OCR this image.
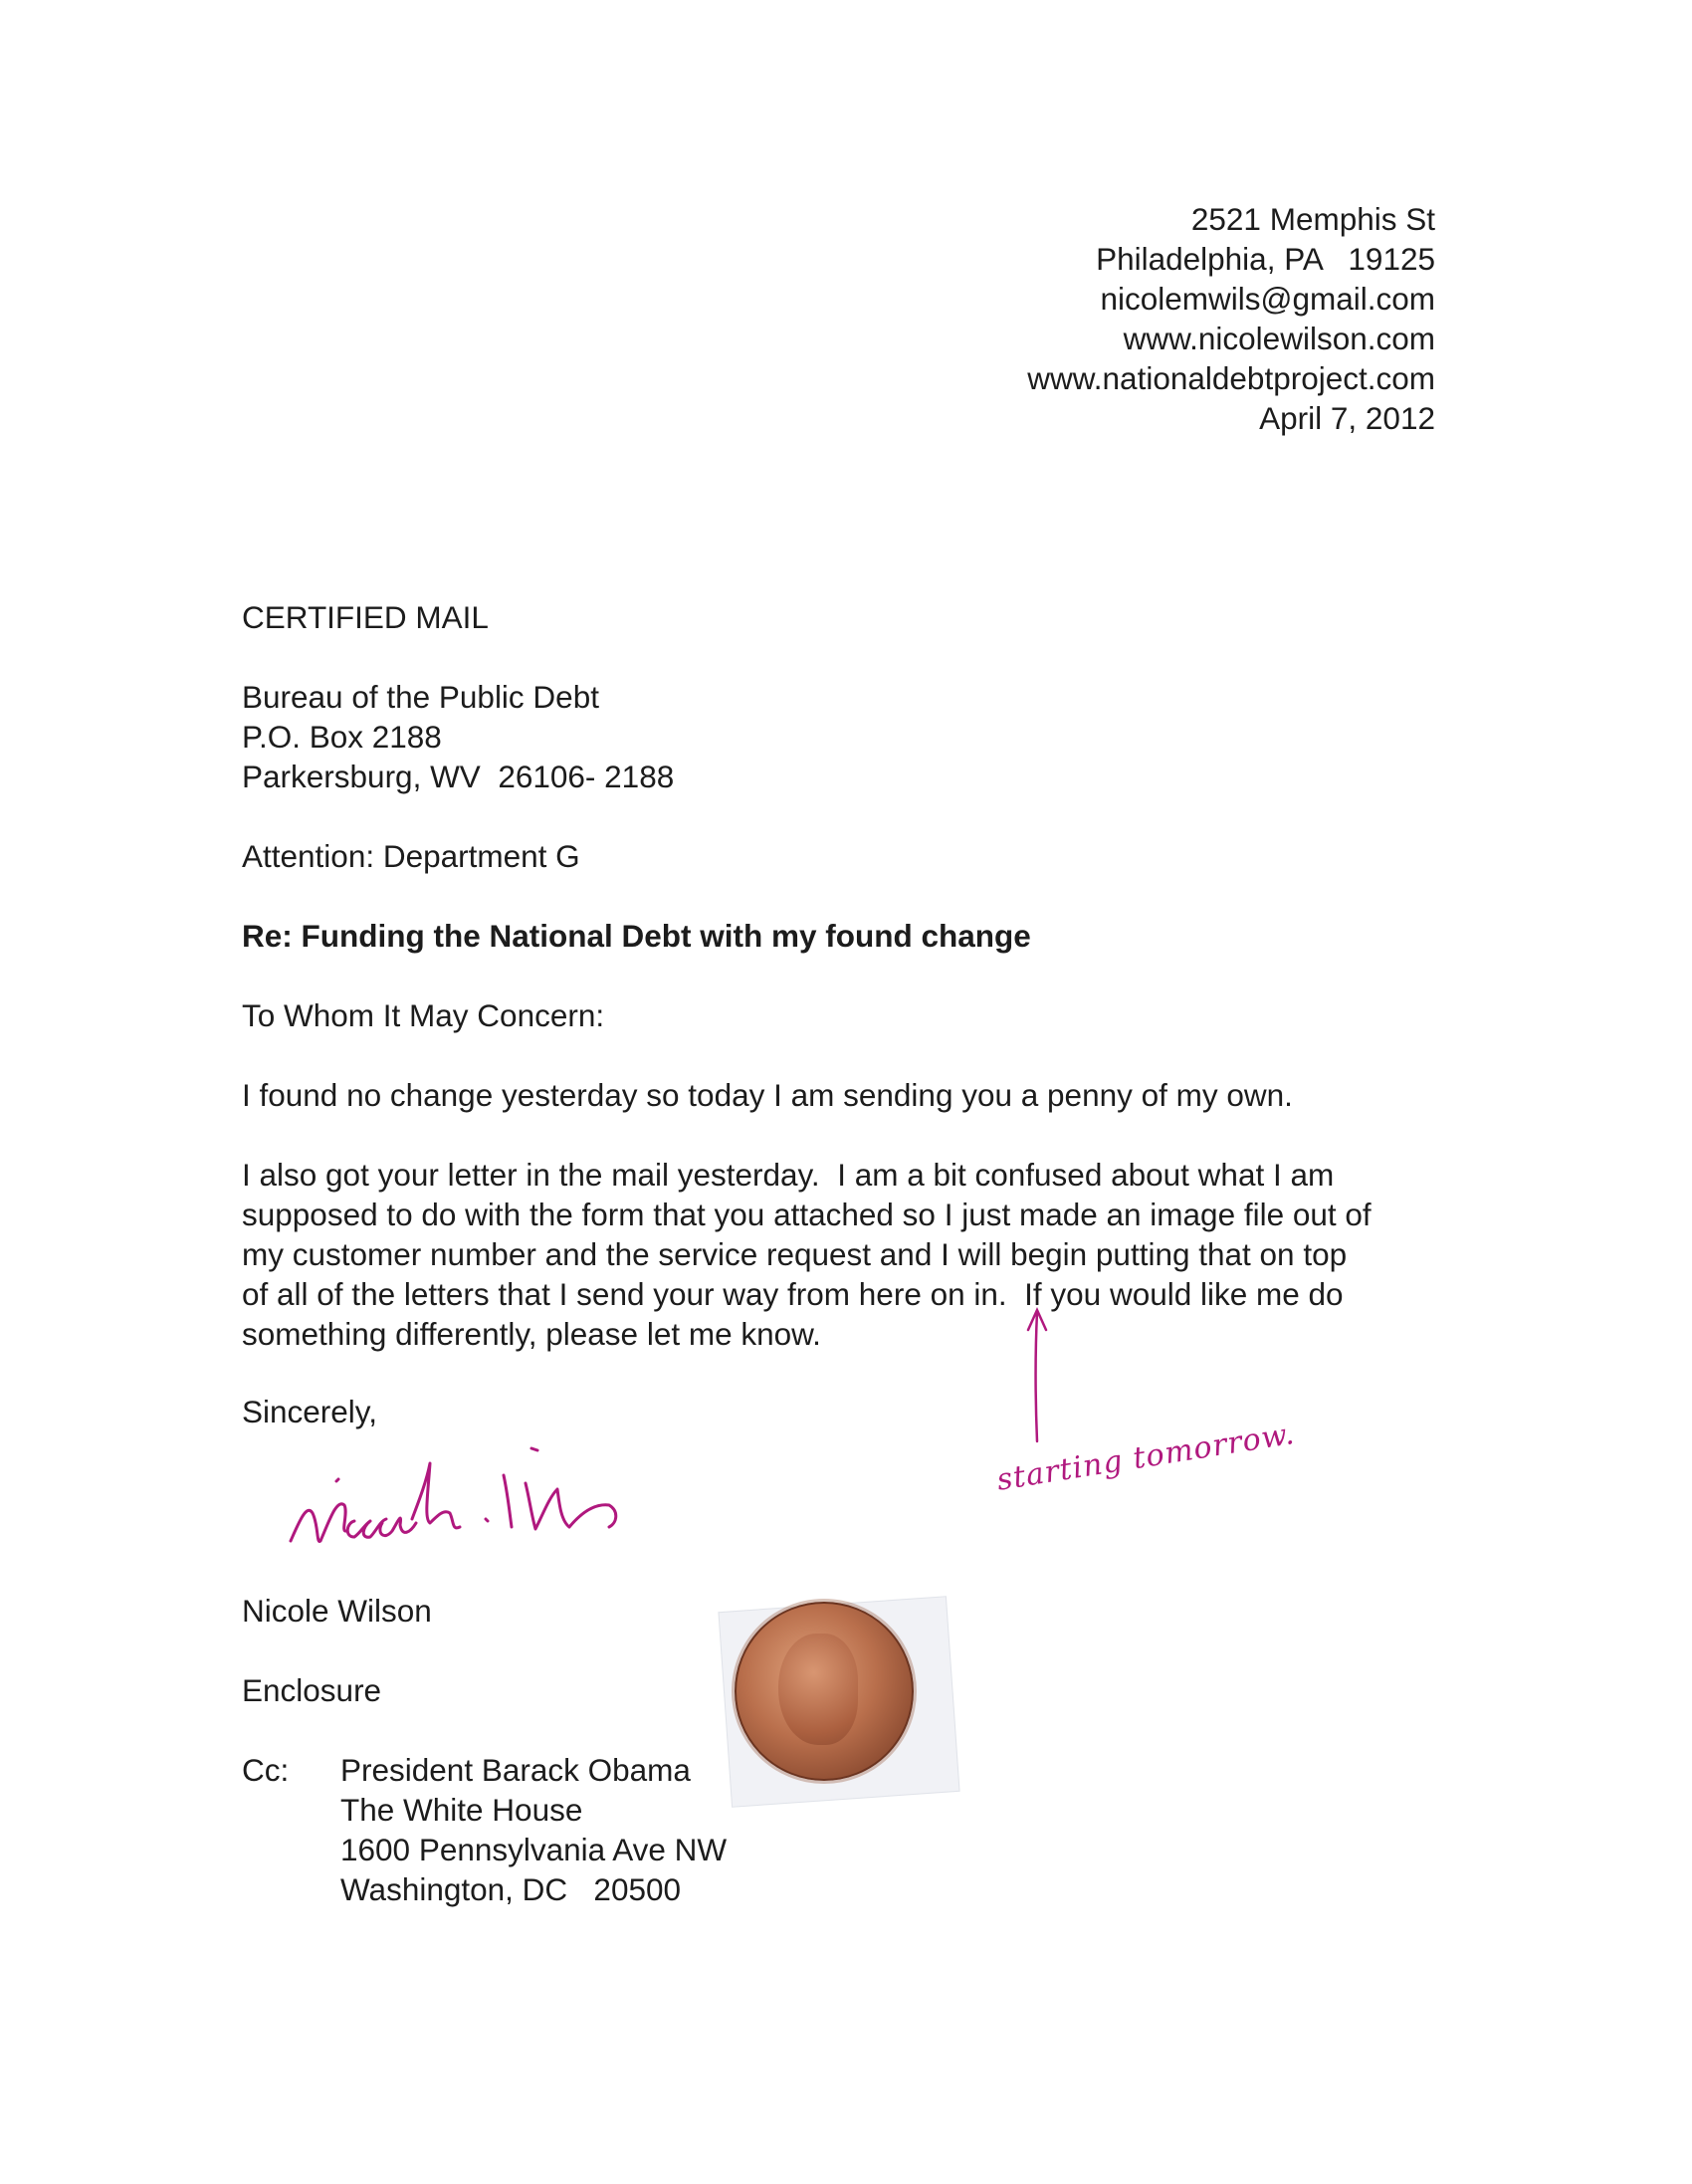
2521 Memphis St
Philadelphia, PA   19125
nicolemwils@gmail.com
www.nicolewilson.com
www.nationaldebtproject.com
April 7, 2012
CERTIFIED MAIL
Bureau of the Public Debt
P.O. Box 2188
Parkersburg, WV  26106- 2188
Attention: Department G
Re: Funding the National Debt with my found change
To Whom It May Concern:
I found no change yesterday so today I am sending you a penny of my own.
I also got your letter in the mail yesterday.  I am a bit confused about what I am
supposed to do with the form that you attached so I just made an image file out of
my customer number and the service request and I will begin putting that on top
of all of the letters that I send your way from here on in.  If you would like me do
something differently, please let me know.
Sincerely,
starting tomorrow.
Nicole Wilson
Enclosure
Cc: President Barack Obama
The White House
1600 Pennsylvania Ave NW
Washington, DC   20500
